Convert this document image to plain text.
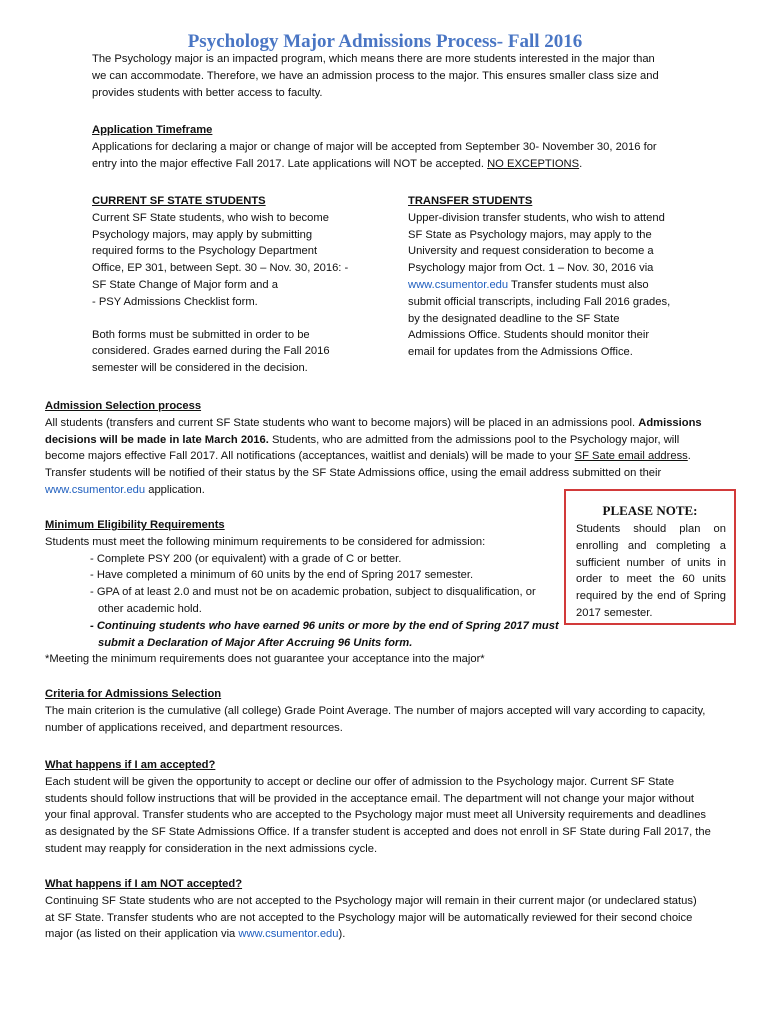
Psychology Major Admissions Process- Fall 2016

The Psychology major is an impacted program, which means there are more students interested in the major than

we can accommodate. Therefore, we have an admission process to the major. This ensures smaller class size and

provides students with better access to faculty.

Application Timeframe

Applications for declaring a major or change of major will be accepted from September 30- November 30, 2016 for

entry into the major effective Fall 2017. Late applications will NOT be accepted. NO EXCEPTIONS.

CURRENT SF STATE STUDENTS

Current SF State students, who wish to become

Psychology majors, may apply by submitting

required forms to the Psychology Department

Office, EP 301, between Sept. 30 – Nov. 30, 2016: -

SF State Change of Major form and a

- PSY Admissions Checklist form.

Both forms must be submitted in order to be

considered. Grades earned during the Fall 2016

semester will be considered in the decision.

TRANSFER STUDENTS

Upper-division transfer students, who wish to attend

SF State as Psychology majors, may apply to the

University and request consideration to become a

Psychology major from Oct. 1 – Nov. 30, 2016 via

www.csumentor.edu Transfer students must also

submit official transcripts, including Fall 2016 grades,

by the designated deadline to the SF State

Admissions Office. Students should monitor their

email for updates from the Admissions Office.

Admission Selection process

All students (transfers and current SF State students who want to become majors) will be placed in an admissions pool. Admissions

decisions will be made in late March 2016. Students, who are admitted from the admissions pool to the Psychology major, will

become majors effective Fall 2017. All notifications (acceptances, waitlist and denials) will be made to your SF Sate email address.

Transfer students will be notified of their status by the SF State Admissions office, using the email address submitted on their

www.csumentor.edu application.

PLEASE NOTE:
Students should plan on enrolling and completing a sufficient number of units in order to meet the 60 units required by the end of Spring 2017 semester.

Minimum Eligibility Requirements

Students must meet the following minimum requirements to be considered for admission:

- Complete PSY 200 (or equivalent) with a grade of C or better.
- Have completed a minimum of 60 units by the end of Spring 2017 semester.
- GPA of at least 2.0 and must not be on academic probation, subject to disqualification, or
other academic hold.
- Continuing students who have earned 96 units or more by the end of Spring 2017 must
submit a Declaration of Major After Accruing 96 Units form.

*Meeting the minimum requirements does not guarantee your acceptance into the major*

Criteria for Admissions Selection

The main criterion is the cumulative (all college) Grade Point Average. The number of majors accepted will vary according to capacity,

number of applications received, and department resources.

What happens if I am accepted?

Each student will be given the opportunity to accept or decline our offer of admission to the Psychology major. Current SF State

students should follow instructions that will be provided in the acceptance email. The department will not change your major without

your final approval. Transfer students who are accepted to the Psychology major must meet all University requirements and deadlines

as designated by the SF State Admissions Office. If a transfer student is accepted and does not enroll in SF State during Fall 2017, the

student may reapply for consideration in the next admissions cycle.

What happens if I am NOT accepted?

Continuing SF State students who are not accepted to the Psychology major will remain in their current major (or undeclared status)

at SF State. Transfer students who are not accepted to the Psychology major will be automatically reviewed for their second choice

major (as listed on their application via www.csumentor.edu).
